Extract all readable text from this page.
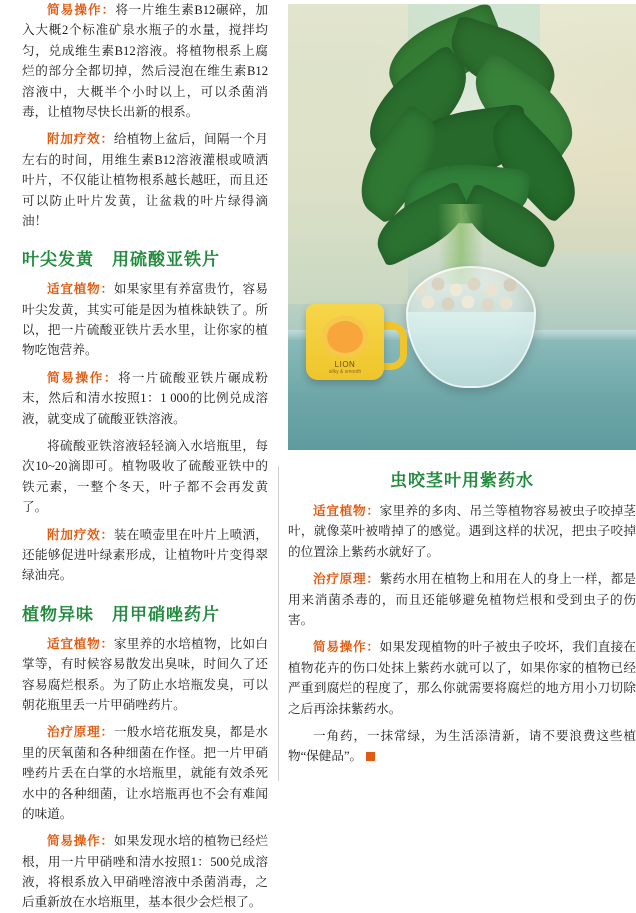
简易操作：将一片维生素B12碾碎，加入大概2个标准矿泉水瓶子的水量，搅拌均匀，兑成维生素B12溶液。将植物根系上腐烂的部分全都切掉，然后浸泡在维生素B12溶液中，大概半个小时以上，可以杀菌消毒，让植物尽快长出新的根系。

附加疗效：给植物上盆后，间隔一个月左右的时间，用维生素B12溶液灌根或喷洒叶片，不仅能让植物根系越长越旺，而且还可以防止叶片发黄，让盆栽的叶片绿得滴油！

叶尖发黄 用硫酸亚铁片

适宜植物：如果家里有养富贵竹，容易叶尖发黄，其实可能是因为植株缺铁了。所以，把一片硫酸亚铁片丢水里，让你家的植物吃饱营养。

简易操作：将一片硫酸亚铁片碾成粉末，然后和清水按照1：1 000的比例兑成溶液，就变成了硫酸亚铁溶液。

将硫酸亚铁溶液轻轻滴入水培瓶里，每次10~20滴即可。植物吸收了硫酸亚铁中的铁元素，一整个冬天，叶子都不会再发黄了。

附加疗效：装在喷壶里在叶片上喷洒，还能够促进叶绿素形成，让植物叶片变得翠绿油亮。

植物异味 用甲硝唑药片

适宜植物：家里养的水培植物，比如白掌等，有时候容易散发出臭味，时间久了还容易腐烂根系。为了防止水培瓶发臭，可以朝花瓶里丢一片甲硝唑药片。

治疗原理：一般水培花瓶发臭，都是水里的厌氧菌和各种细菌在作怪。把一片甲硝唑药片丢在白掌的水培瓶里，就能有效杀死水中的各种细菌，让水培瓶再也不会有难闻的味道。

简易操作：如果发现水培的植物已经烂根，用一片甲硝唑和清水按照1：500兑成溶液，将根系放入甲硝唑溶液中杀菌消毒，之后重新放在水培瓶里，基本很少会烂根了。

LION
silky & smooth
虫咬茎叶用紫药水

适宜植物：家里养的多肉、吊兰等植物容易被虫子咬掉茎叶，就像菜叶被啃掉了的感觉。遇到这样的状况，把虫子咬掉的位置涂上紫药水就好了。

治疗原理：紫药水用在植物上和用在人的身上一样，都是用来消菌杀毒的，而且还能够避免植物烂根和受到虫子的伤害。

简易操作：如果发现植物的叶子被虫子咬坏，我们直接在植物花卉的伤口处抹上紫药水就可以了，如果你家的植物已经严重到腐烂的程度了，那么你就需要将腐烂的地方用小刀切除之后再涂抹紫药水。

一角药，一抹常绿，为生活添清新，请不要浪费这些植物“保健品”。
